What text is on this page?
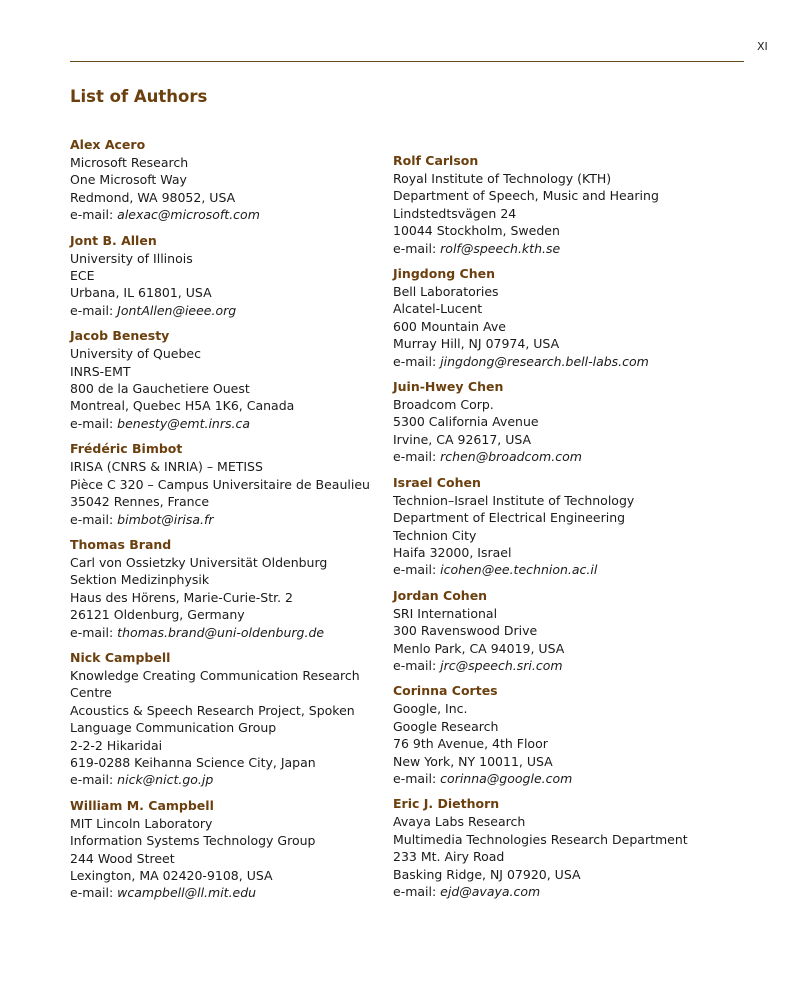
XI
List of Authors
Alex Acero
Microsoft Research
One Microsoft Way
Redmond, WA 98052, USA
e-mail: alexac@microsoft.com
Jont B. Allen
University of Illinois
ECE
Urbana, IL 61801, USA
e-mail: JontAllen@ieee.org
Jacob Benesty
University of Quebec
INRS-EMT
800 de la Gauchetiere Ouest
Montreal, Quebec H5A 1K6, Canada
e-mail: benesty@emt.inrs.ca
Frédéric Bimbot
IRISA (CNRS & INRIA) – METISS
Pièce C 320 – Campus Universitaire de Beaulieu
35042 Rennes, France
e-mail: bimbot@irisa.fr
Thomas Brand
Carl von Ossietzky Universität Oldenburg
Sektion Medizinphysik
Haus des Hörens, Marie-Curie-Str. 2
26121 Oldenburg, Germany
e-mail: thomas.brand@uni-oldenburg.de
Nick Campbell
Knowledge Creating Communication Research
Centre
Acoustics & Speech Research Project, Spoken
Language Communication Group
2-2-2 Hikaridai
619-0288 Keihanna Science City, Japan
e-mail: nick@nict.go.jp
William M. Campbell
MIT Lincoln Laboratory
Information Systems Technology Group
244 Wood Street
Lexington, MA 02420-9108, USA
e-mail: wcampbell@ll.mit.edu
Rolf Carlson
Royal Institute of Technology (KTH)
Department of Speech, Music and Hearing
Lindstedtsvägen 24
10044 Stockholm, Sweden
e-mail: rolf@speech.kth.se
Jingdong Chen
Bell Laboratories
Alcatel-Lucent
600 Mountain Ave
Murray Hill, NJ 07974, USA
e-mail: jingdong@research.bell-labs.com
Juin-Hwey Chen
Broadcom Corp.
5300 California Avenue
Irvine, CA 92617, USA
e-mail: rchen@broadcom.com
Israel Cohen
Technion–Israel Institute of Technology
Department of Electrical Engineering
Technion City
Haifa 32000, Israel
e-mail: icohen@ee.technion.ac.il
Jordan Cohen
SRI International
300 Ravenswood Drive
Menlo Park, CA 94019, USA
e-mail: jrc@speech.sri.com
Corinna Cortes
Google, Inc.
Google Research
76 9th Avenue, 4th Floor
New York, NY 10011, USA
e-mail: corinna@google.com
Eric J. Diethorn
Avaya Labs Research
Multimedia Technologies Research Department
233 Mt. Airy Road
Basking Ridge, NJ 07920, USA
e-mail: ejd@avaya.com
